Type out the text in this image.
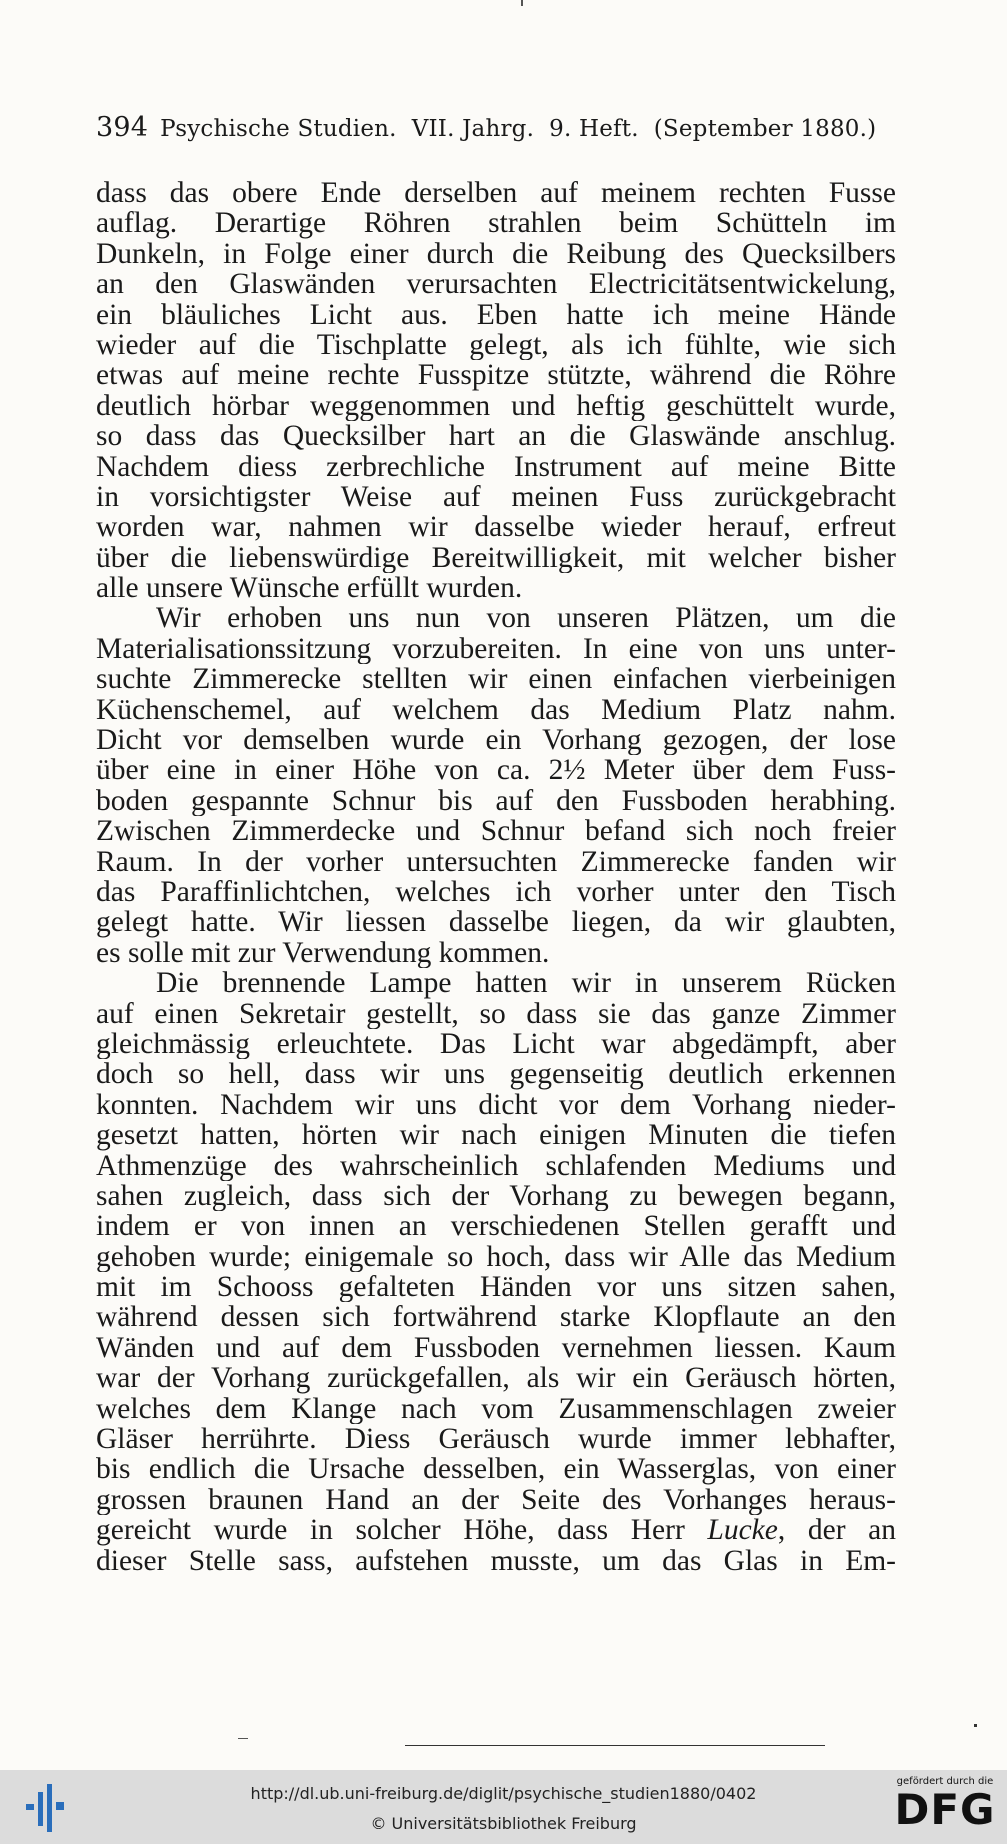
394 Psychische Studien.  VII. Jahrg.  9. Heft.  (September 1880.)
dass das obere Ende derselben auf meinem rechten Fusse
auflag. Derartige Röhren strahlen beim Schütteln im
Dunkeln, in Folge einer durch die Reibung des Quecksilbers
an den Glaswänden verursachten Electricitätsentwickelung,
ein bläuliches Licht aus. Eben hatte ich meine Hände
wieder auf die Tischplatte gelegt, als ich fühlte, wie sich
etwas auf meine rechte Fusspitze stützte, während die Röhre
deutlich hörbar weggenommen und heftig geschüttelt wurde,
so dass das Quecksilber hart an die Glaswände anschlug.
Nachdem diess zerbrechliche Instrument auf meine Bitte
in vorsichtigster Weise auf meinen Fuss zurückgebracht
worden war, nahmen wir dasselbe wieder herauf, erfreut
über die liebenswürdige Bereitwilligkeit, mit welcher bisher
alle unsere Wünsche erfüllt wurden.
Wir erhoben uns nun von unseren Plätzen, um die
Materialisationssitzung vorzubereiten. In eine von uns unter-
suchte Zimmerecke stellten wir einen einfachen vierbeinigen
Küchenschemel, auf welchem das Medium Platz nahm.
Dicht vor demselben wurde ein Vorhang gezogen, der lose
über eine in einer Höhe von ca. 2½ Meter über dem Fuss-
boden gespannte Schnur bis auf den Fussboden herabhing.
Zwischen Zimmerdecke und Schnur befand sich noch freier
Raum. In der vorher untersuchten Zimmerecke fanden wir
das Paraffinlichtchen, welches ich vorher unter den Tisch
gelegt hatte. Wir liessen dasselbe liegen, da wir glaubten,
es solle mit zur Verwendung kommen.
Die brennende Lampe hatten wir in unserem Rücken
auf einen Sekretair gestellt, so dass sie das ganze Zimmer
gleichmässig erleuchtete. Das Licht war abgedämpft, aber
doch so hell, dass wir uns gegenseitig deutlich erkennen
konnten. Nachdem wir uns dicht vor dem Vorhang nieder-
gesetzt hatten, hörten wir nach einigen Minuten die tiefen
Athmenzüge des wahrscheinlich schlafenden Mediums und
sahen zugleich, dass sich der Vorhang zu bewegen begann,
indem er von innen an verschiedenen Stellen gerafft und
gehoben wurde; einigemale so hoch, dass wir Alle das Medium
mit im Schooss gefalteten Händen vor uns sitzen sahen,
während dessen sich fortwährend starke Klopflaute an den
Wänden und auf dem Fussboden vernehmen liessen. Kaum
war der Vorhang zurückgefallen, als wir ein Geräusch hörten,
welches dem Klange nach vom Zusammenschlagen zweier
Gläser herrührte. Diess Geräusch wurde immer lebhafter,
bis endlich die Ursache desselben, ein Wasserglas, von einer
grossen braunen Hand an der Seite des Vorhanges heraus-
gereicht wurde in solcher Höhe, dass Herr Lucke, der an
dieser Stelle sass, aufstehen musste, um das Glas in Em-
http://dl.ub.uni-freiburg.de/diglit/psychische_studien1880/0402
© Universitätsbibliothek Freiburg
gefördert durch die
DFG
